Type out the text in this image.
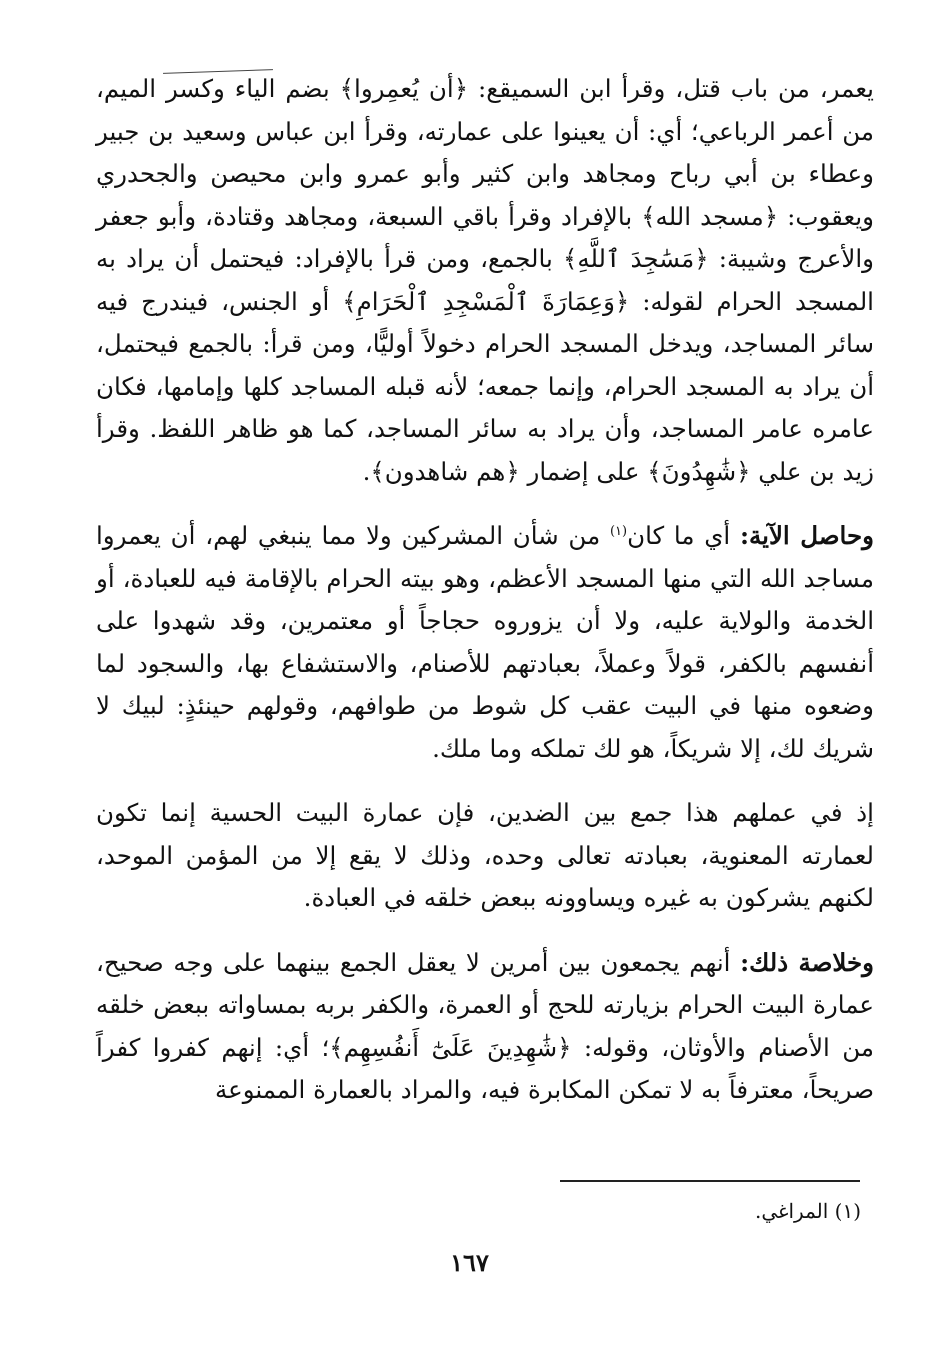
يعمر، من باب قتل، وقرأ ابن السميقع: ﴿أن يُعمِروا﴾ بضم الياء وكسر الميم، من أعمر الرباعي؛ أي: أن يعينوا على عمارته، وقرأ ابن عباس وسعيد بن جبير وعطاء بن أبي رباح ومجاهد وابن كثير وأبو عمرو وابن محيصن والجحدري ويعقوب: ﴿مسجد الله﴾ بالإفراد وقرأ باقي السبعة، ومجاهد وقتادة، وأبو جعفر والأعرج وشيبة: ﴿مَسَٰجِدَ ٱللَّهِ﴾ بالجمع، ومن قرأ بالإفراد: فيحتمل أن يراد به المسجد الحرام لقوله: ﴿وَعِمَارَةَ ٱلْمَسْجِدِ ٱلْحَرَامِ﴾ أو الجنس، فيندرج فيه سائر المساجد، ويدخل المسجد الحرام دخولاً أوليًّا، ومن قرأ: بالجمع فيحتمل، أن يراد به المسجد الحرام، وإنما جمعه؛ لأنه قبله المساجد كلها وإمامها، فكان عامره عامر المساجد، وأن يراد به سائر المساجد، كما هو ظاهر اللفظ. وقرأ زيد بن علي ﴿شَٰهِدُونَ﴾ على إضمار ﴿هم شاهدون﴾.

وحاصل الآية: أي ما كان$^{(١)}$ من شأن المشركين ولا مما ينبغي لهم، أن يعمروا مساجد الله التي منها المسجد الأعظم، وهو بيته الحرام بالإقامة فيه للعبادة، أو الخدمة والولاية عليه، ولا أن يزوروه حجاجاً أو معتمرين، وقد شهدوا على أنفسهم بالكفر، قولاً وعملاً، بعبادتهم للأصنام، والاستشفاع بها، والسجود لما وضعوه منها في البيت عقب كل شوط من طوافهم، وقولهم حينئذٍ: لبيك لا شريك لك، إلا شريكاً، هو لك تملكه وما ملك.

إذ في عملهم هذا جمع بين الضدين، فإن عمارة البيت الحسية إنما تكون لعمارته المعنوية، بعبادته تعالى وحده، وذلك لا يقع إلا من المؤمن الموحد، لكنهم يشركون به غيره ويساوونه ببعض خلقه في العبادة.

وخلاصة ذلك: أنهم يجمعون بين أمرين لا يعقل الجمع بينهما على وجه صحيح، عمارة البيت الحرام بزيارته للحج أو العمرة، والكفر بربه بمساواته ببعض خلقه من الأصنام والأوثان، وقوله: ﴿شَٰهِدِينَ عَلَىٰٓ أَنفُسِهِم﴾؛ أي: إنهم كفروا كفراً صريحاً، معترفاً به لا تمكن المكابرة فيه، والمراد بالعمارة الممنوعة

(١) المراغي.
١٦٧
